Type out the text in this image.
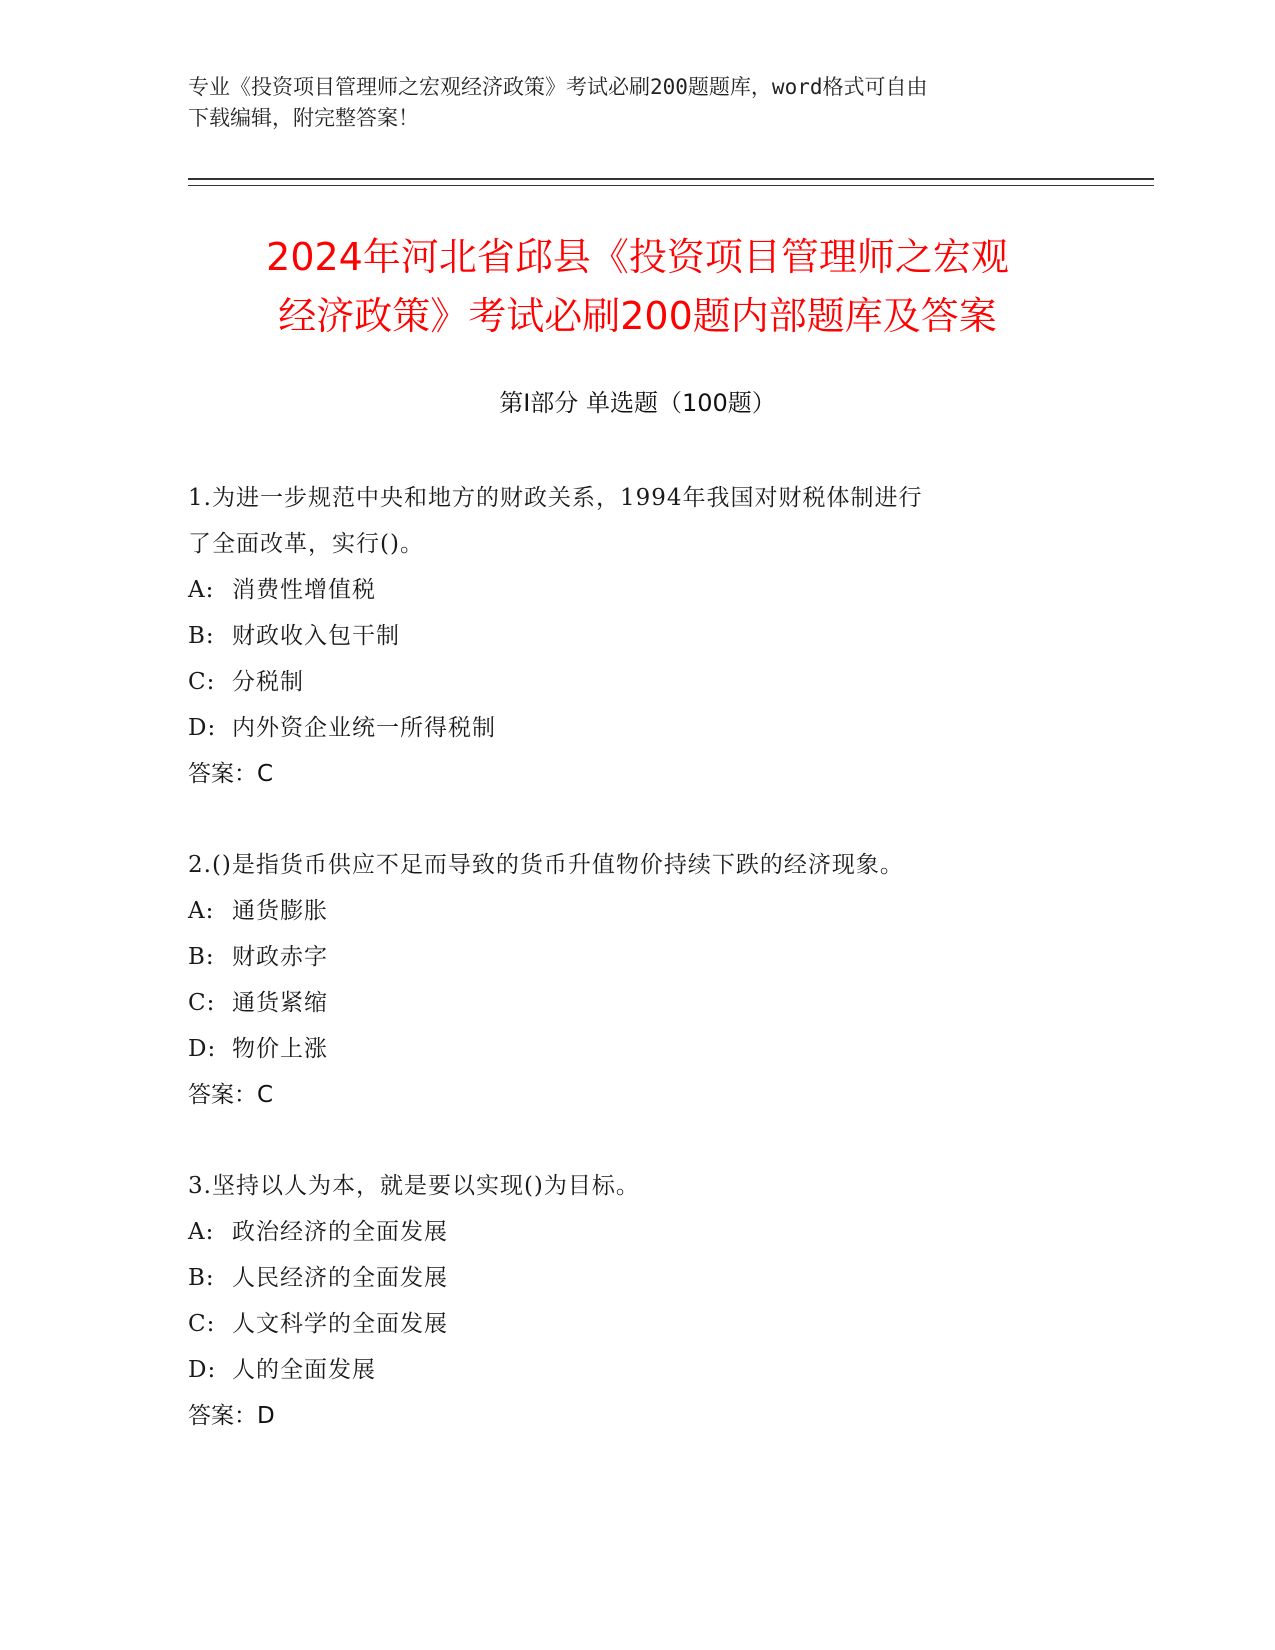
专业《投资项目管理师之宏观经济政策》考试必刷200题题库，word格式可自由
下载编辑，附完整答案！
2024年河北省邱县《投资项目管理师之宏观
经济政策》考试必刷200题内部题库及答案
第Ⅰ部分 单选题（100题）
1.为进一步规范中央和地方的财政关系，1994年我国对财税体制进行
了全面改革，实行()。
A: 消费性增值税
B: 财政收入包干制
C: 分税制
D: 内外资企业统一所得税制
答案：C
2.()是指货币供应不足而导致的货币升值物价持续下跌的经济现象。
A: 通货膨胀
B: 财政赤字
C: 通货紧缩
D: 物价上涨
答案：C
3.坚持以人为本，就是要以实现()为目标。
A: 政治经济的全面发展
B: 人民经济的全面发展
C: 人文科学的全面发展
D: 人的全面发展
答案：D
